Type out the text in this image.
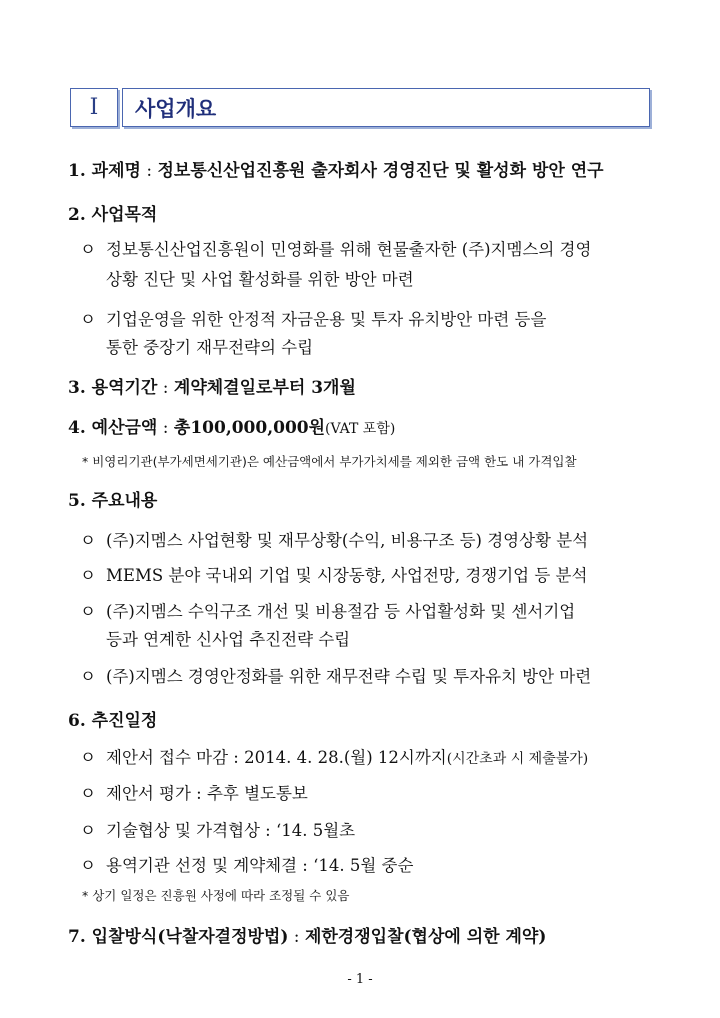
Ⅰ	사업개요
1. 과제명 : 정보통신산업진흥원 출자회사 경영진단 및 활성화 방안 연구
2. 사업목적
ㅇ 정보통신산업진흥원이 민영화를 위해 현물출자한 (주)지멤스의 경영
상황 진단 및 사업 활성화를 위한 방안 마련
ㅇ 기업운영을 위한 안정적 자금운용 및 투자 유치방안 마련 등을
통한 중장기 재무전략의 수립
3. 용역기간 : 계약체결일로부터 3개월
4. 예산금액 : 총100,000,000원(VAT 포함)
* 비영리기관(부가세면세기관)은 예산금액에서 부가가치세를 제외한 금액 한도 내 가격입찰
5. 주요내용
ㅇ (주)지멤스 사업현황 및 재무상황(수익, 비용구조 등) 경영상황 분석
ㅇ MEMS 분야 국내외 기업 및 시장동향, 사업전망, 경쟁기업 등 분석
ㅇ (주)지멤스 수익구조 개선 및 비용절감 등 사업활성화 및 센서기업
등과 연계한 신사업 추진전략 수립
ㅇ (주)지멤스 경영안정화를 위한 재무전략 수립 및 투자유치 방안 마련
6. 추진일정
ㅇ 제안서 접수 마감 : 2014. 4. 28.(월) 12시까지(시간초과 시 제출불가)
ㅇ 제안서 평가 : 추후 별도통보
ㅇ 기술협상 및 가격협상 : ‘14. 5월초
ㅇ 용역기관 선정 및 계약체결 : ‘14. 5월 중순
* 상기 일정은 진흥원 사정에 따라 조정될 수 있음
7. 입찰방식(낙찰자결정방법) : 제한경쟁입찰(협상에 의한 계약)
- 1 -
